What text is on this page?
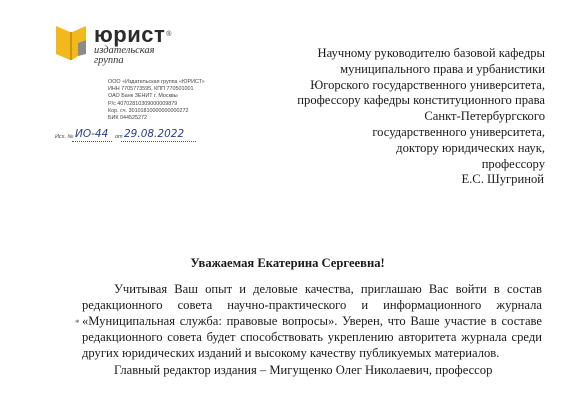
юрист®
издательская
группа
ООО «Издательская группа «ЮРИСТ»
ИНН 7705773595, КПП 770501001
ОАО Банк ЗЕНИТ г. Москвы
Р/с 40702810309000009879
Кор. сч. 30101810000000000272
БИК 044525272
Исх. № ИО-44 от 29.08.2022
Научному руководителю базовой кафедры
муниципального права и урбанистики
Югорского государственного университета,
профессору кафедры конституционного права
Санкт-Петербургского
государственного университета,
доктору юридических наук,
профессору
Е.С. Шугриной
Уважаемая Екатерина Сергеевна!
*

Учитывая Ваш опыт и деловые качества, приглашаю Вас войти в состав редакционного совета научно-практического и информационного журнала «Муниципальная служба: правовые вопросы». Уверен, что Ваше участие в составе редакционного совета будет способствовать укреплению авторитета журнала среди других юридических изданий и высокому качеству публикуемых материалов.

Главный редактор издания – Мигущенко Олег Николаевич, профессор
